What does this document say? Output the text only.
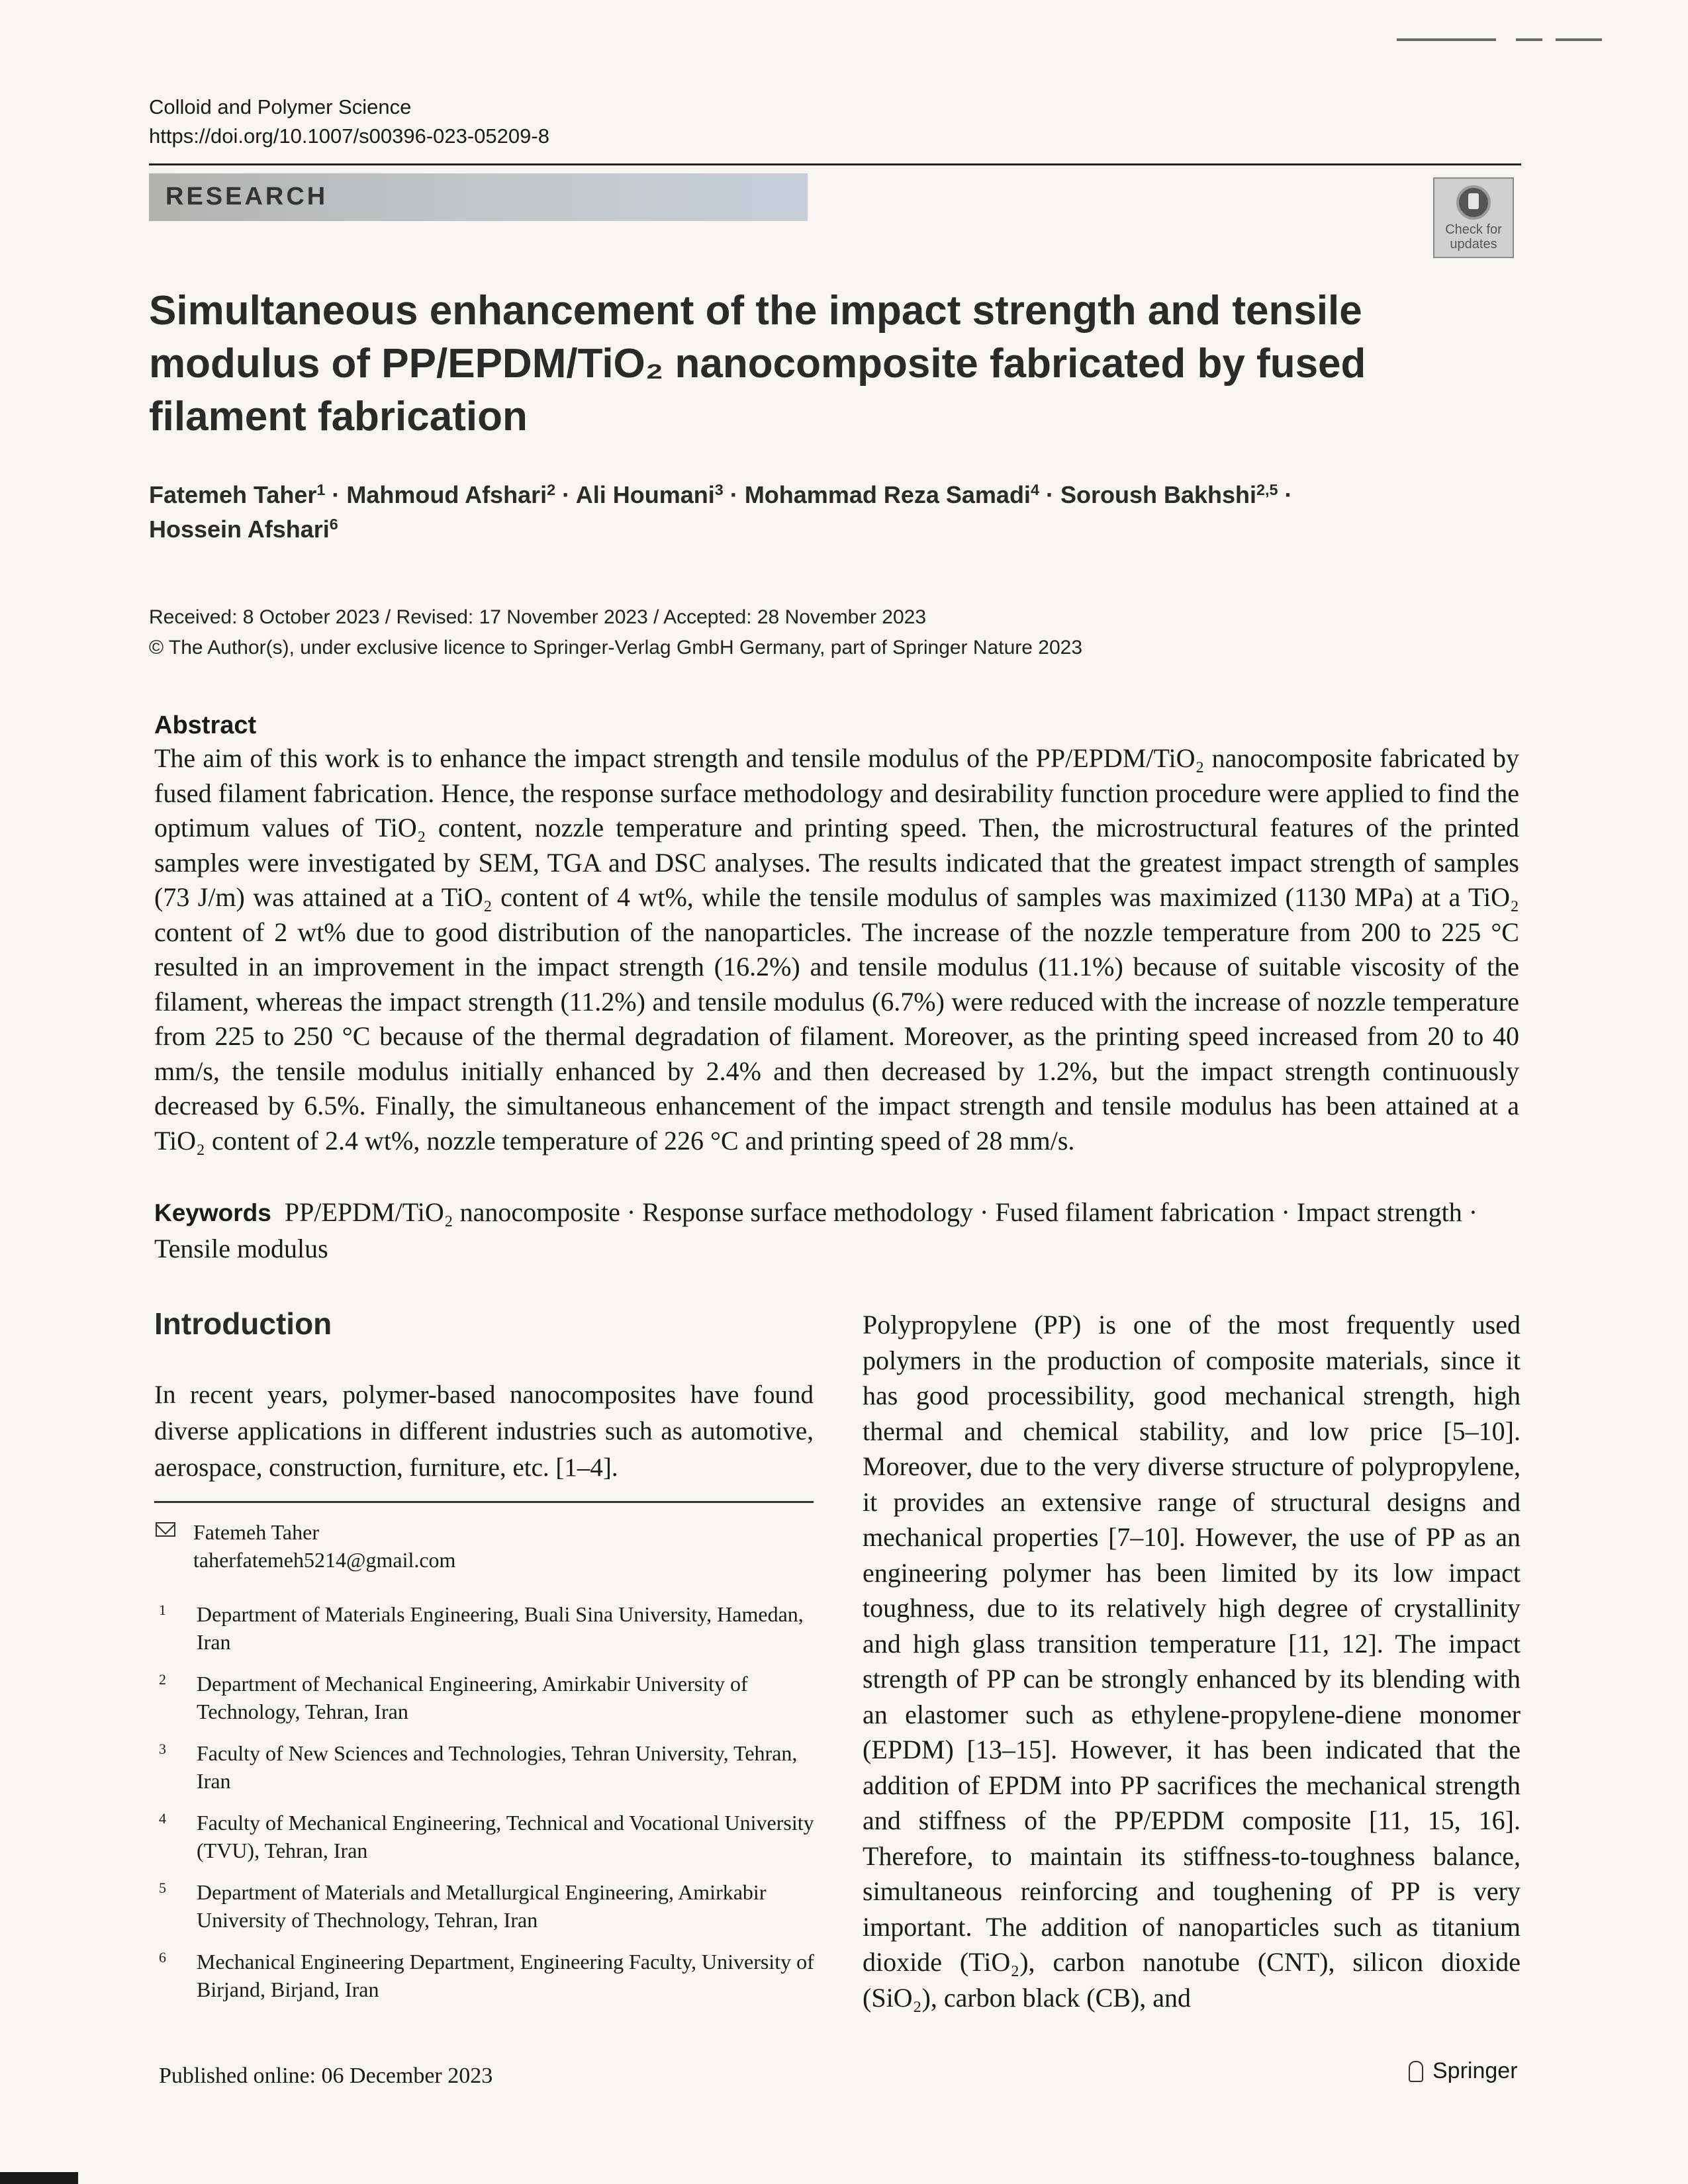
Colloid and Polymer Science
https://doi.org/10.1007/s00396-023-05209-8
RESEARCH
Check for updates
Simultaneous enhancement of the impact strength and tensile modulus of PP/EPDM/TiO₂ nanocomposite fabricated by fused filament fabrication
Fatemeh Taher$^1$ · Mahmoud Afshari$^2$ · Ali Houmani$^3$ · Mohammad Reza Samadi$^4$ · Soroush Bakhshi$^{2,5}$ ·
Hossein Afshari$^6$
Received: 8 October 2023 / Revised: 17 November 2023 / Accepted: 28 November 2023
© The Author(s), under exclusive licence to Springer-Verlag GmbH Germany, part of Springer Nature 2023
Abstract
The aim of this work is to enhance the impact strength and tensile modulus of the PP/EPDM/TiO₂ nanocomposite fabricated by fused filament fabrication. Hence, the response surface methodology and desirability function procedure were applied to find the optimum values of TiO₂ content, nozzle temperature and printing speed. Then, the microstructural features of the printed samples were investigated by SEM, TGA and DSC analyses. The results indicated that the greatest impact strength of samples (73 J/m) was attained at a TiO₂ content of 4 wt%, while the tensile modulus of samples was maximized (1130 MPa) at a TiO₂ content of 2 wt% due to good distribution of the nanoparticles. The increase of the nozzle temperature from 200 to 225 °C resulted in an improvement in the impact strength (16.2%) and tensile modulus (11.1%) because of suitable viscosity of the filament, whereas the impact strength (11.2%) and tensile modulus (6.7%) were reduced with the increase of nozzle temperature from 225 to 250 °C because of the thermal degradation of filament. Moreover, as the printing speed increased from 20 to 40 mm/s, the tensile modulus initially enhanced by 2.4% and then decreased by 1.2%, but the impact strength continuously decreased by 6.5%. Finally, the simultaneous enhancement of the impact strength and tensile modulus has been attained at a TiO₂ content of 2.4 wt%, nozzle temperature of 226 °C and printing speed of 28 mm/s.
Keywords PP/EPDM/TiO₂ nanocomposite · Response surface methodology · Fused filament fabrication · Impact strength · Tensile modulus
Introduction
In recent years, polymer-based nanocomposites have found diverse applications in different industries such as automotive, aerospace, construction, furniture, etc. [1–4].
Fatemeh Taher
taherfatemeh5214@gmail.com
1 Department of Materials Engineering, Buali Sina University, Hamedan, Iran
2 Department of Mechanical Engineering, Amirkabir University of Technology, Tehran, Iran
3 Faculty of New Sciences and Technologies, Tehran University, Tehran, Iran
4 Faculty of Mechanical Engineering, Technical and Vocational University (TVU), Tehran, Iran
5 Department of Materials and Metallurgical Engineering, Amirkabir University of Thechnology, Tehran, Iran
6 Mechanical Engineering Department, Engineering Faculty, University of Birjand, Birjand, Iran
Polypropylene (PP) is one of the most frequently used polymers in the production of composite materials, since it has good processibility, good mechanical strength, high thermal and chemical stability, and low price [5–10]. Moreover, due to the very diverse structure of polypropylene, it provides an extensive range of structural designs and mechanical properties [7–10]. However, the use of PP as an engineering polymer has been limited by its low impact toughness, due to its relatively high degree of crystallinity and high glass transition temperature [11, 12]. The impact strength of PP can be strongly enhanced by its blending with an elastomer such as ethylene-propylene-diene monomer (EPDM) [13–15]. However, it has been indicated that the addition of EPDM into PP sacrifices the mechanical strength and stiffness of the PP/EPDM composite [11, 15, 16]. Therefore, to maintain its stiffness-to-toughness balance, simultaneous reinforcing and toughening of PP is very important. The addition of nanoparticles such as titanium dioxide (TiO₂), carbon nanotube (CNT), silicon dioxide (SiO₂), carbon black (CB), and
Published online: 06 December 2023	Springer
